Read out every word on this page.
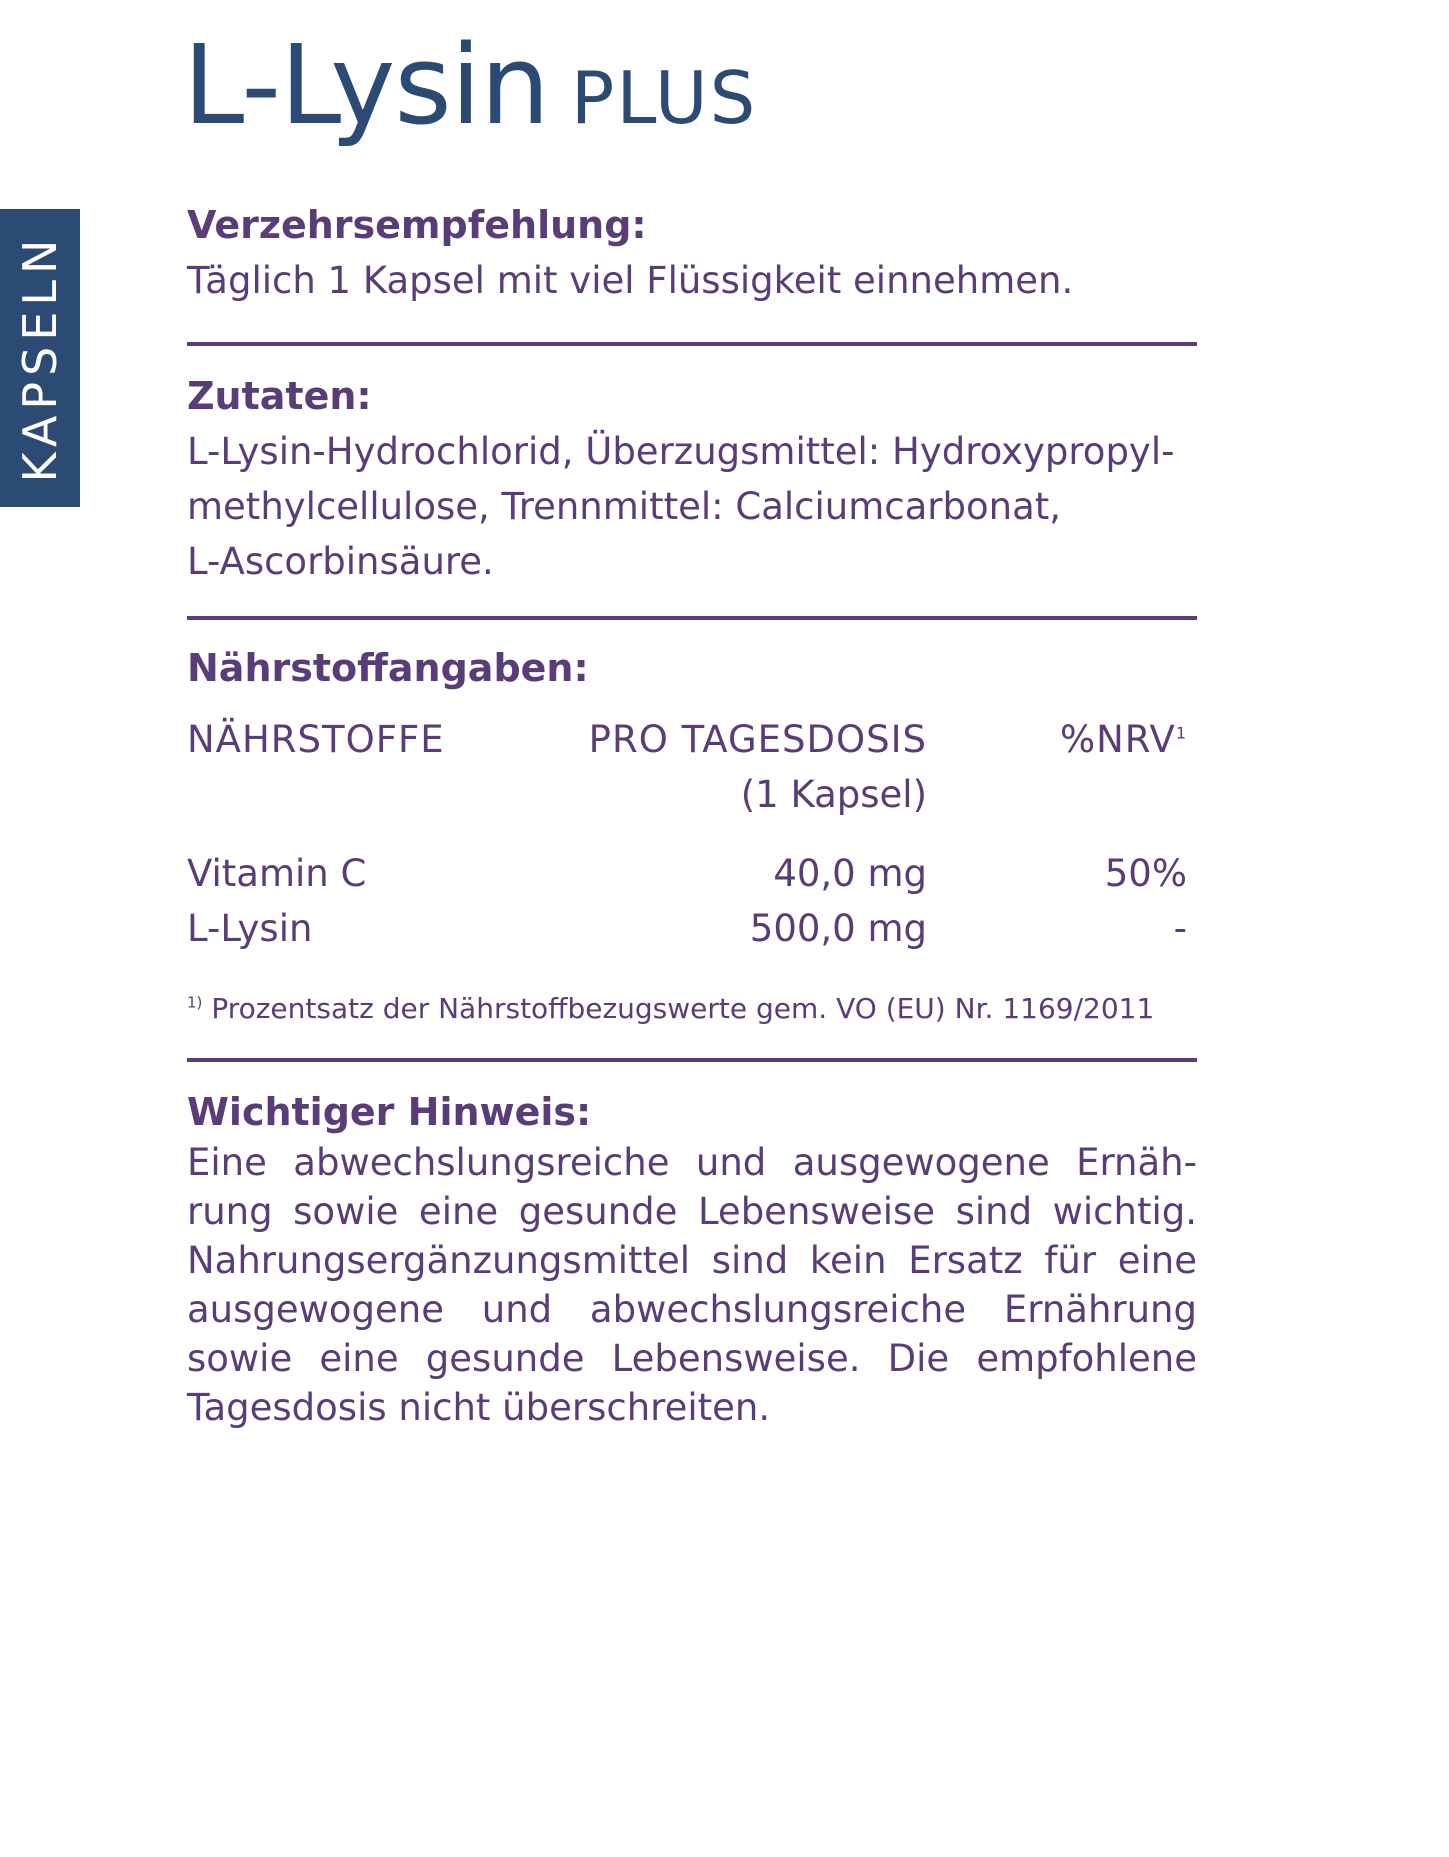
KAPSELN
L-Lysin PLUS
Verzehrsempfehlung:

Täglich 1 Kapsel mit viel Flüssigkeit einnehmen.

Zutaten:

L-Lysin-Hydrochlorid, Überzugsmittel: Hydroxypropyl-

methylcellulose, Trennmittel: Calciumcarbonat,

L-Ascorbinsäure.

Nährstoffangaben:
NÄHRSTOFFE	PRO TAGESDOSIS	%NRV$^1$
(1 Kapsel)
Vitamin C	40,0 mg	50%
L-Lysin	500,0 mg	-
$^{1)}$ Prozentsatz der Nährstoffbezugswerte gem. VO (EU) Nr. 1169/2011
Wichtiger Hinweis:

Eine abwechslungsreiche und ausgewogene Ernäh-

rung sowie eine gesunde Lebensweise sind wichtig.

Nahrungsergänzungsmittel sind kein Ersatz für eine

ausgewogene und abwechslungsreiche Ernährung

sowie eine gesunde Lebensweise. Die empfohlene

Tagesdosis nicht überschreiten.
